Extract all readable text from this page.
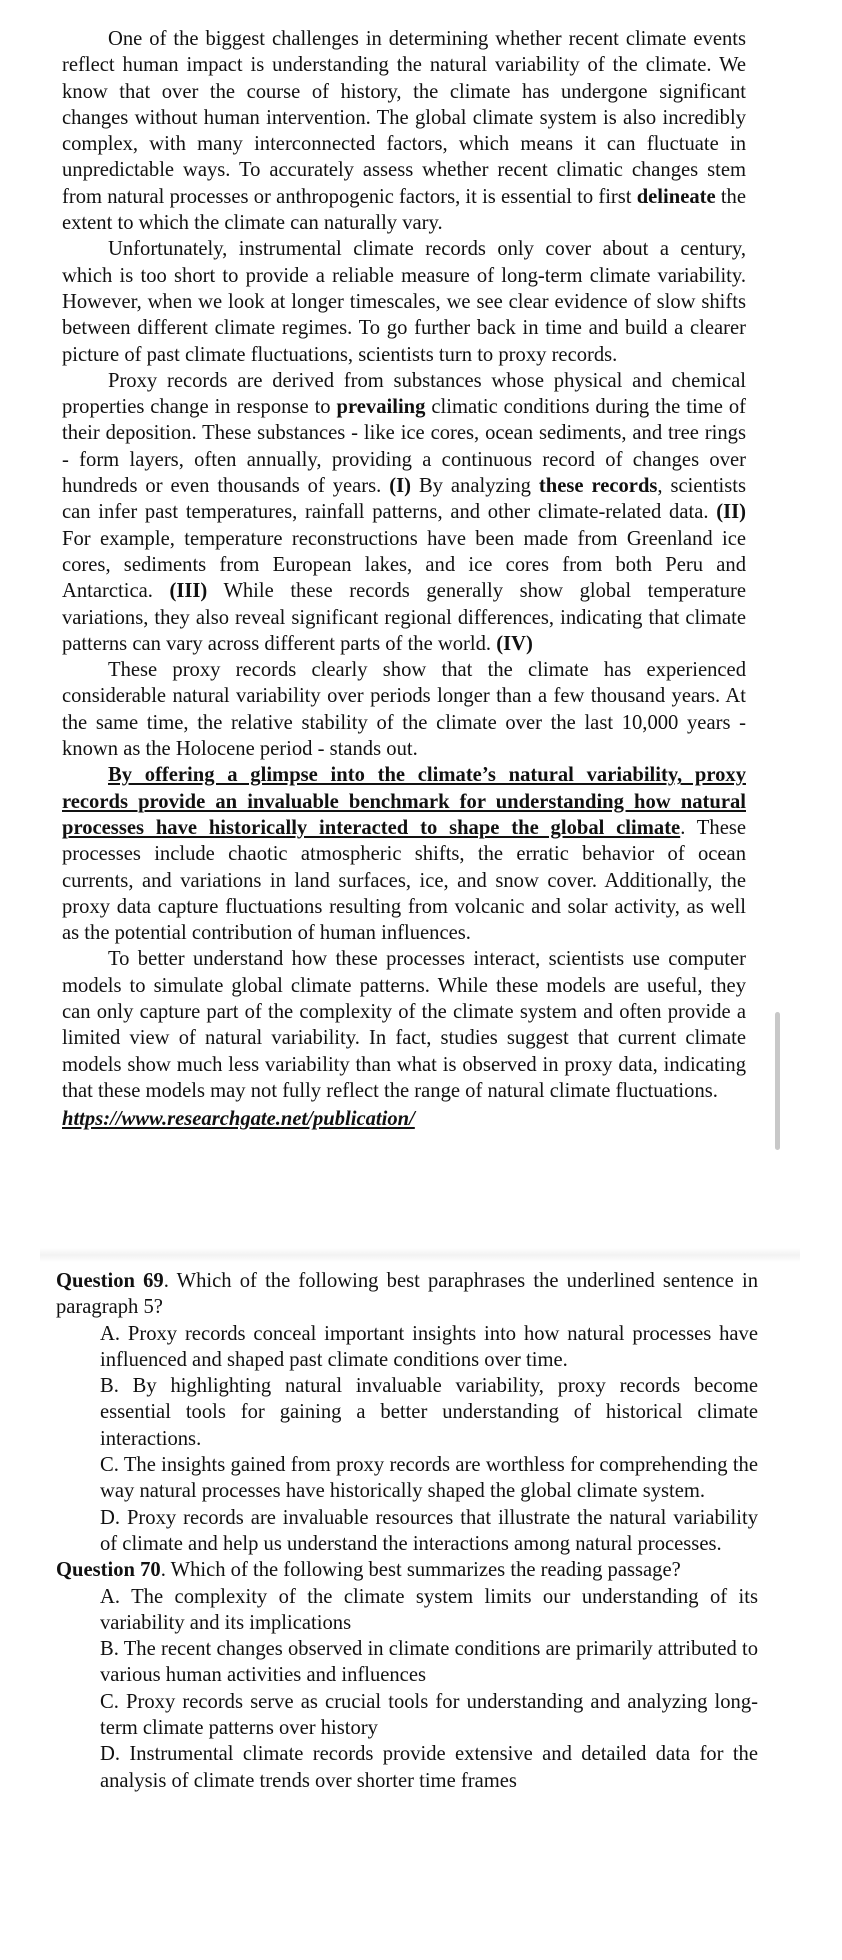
One of the biggest challenges in determining whether recent climate events reflect human impact is understanding the natural variability of the climate. We know that over the course of history, the climate has undergone significant changes without human intervention. The global climate system is also incredibly complex, with many interconnected factors, which means it can fluctuate in unpredictable ways. To accurately assess whether recent climatic changes stem from natural processes or anthropogenic factors, it is essential to first delineate the extent to which the climate can naturally vary.

Unfortunately, instrumental climate records only cover about a century, which is too short to provide a reliable measure of long-term climate variability. However, when we look at longer timescales, we see clear evidence of slow shifts between different climate regimes. To go further back in time and build a clearer picture of past climate fluctuations, scientists turn to proxy records.

Proxy records are derived from substances whose physical and chemical properties change in response to prevailing climatic conditions during the time of their deposition. These substances - like ice cores, ocean sediments, and tree rings - form layers, often annually, providing a continuous record of changes over hundreds or even thousands of years. (I) By analyzing these records, scientists can infer past temperatures, rainfall patterns, and other climate-related data. (II) For example, temperature reconstructions have been made from Greenland ice cores, sediments from European lakes, and ice cores from both Peru and Antarctica. (III) While these records generally show global temperature variations, they also reveal significant regional differences, indicating that climate patterns can vary across different parts of the world. (IV)

These proxy records clearly show that the climate has experienced considerable natural variability over periods longer than a few thousand years. At the same time, the relative stability of the climate over the last 10,000 years - known as the Holocene period - stands out.

By offering a glimpse into the climate’s natural variability, proxy records provide an invaluable benchmark for understanding how natural processes have historically interacted to shape the global climate. These processes include chaotic atmospheric shifts, the erratic behavior of ocean currents, and variations in land surfaces, ice, and snow cover. Additionally, the proxy data capture fluctuations resulting from volcanic and solar activity, as well as the potential contribution of human influences.

To better understand how these processes interact, scientists use computer models to simulate global climate patterns. While these models are useful, they can only capture part of the complexity of the climate system and often provide a limited view of natural variability. In fact, studies suggest that current climate models show much less variability than what is observed in proxy data, indicating that these models may not fully reflect the range of natural climate fluctuations.

https://www.researchgate.net/publication/

Question 69. Which of the following best paraphrases the underlined sentence in paragraph 5?

A. Proxy records conceal important insights into how natural processes have influenced and shaped past climate conditions over time.

B. By highlighting natural invaluable variability, proxy records become essential tools for gaining a better understanding of historical climate interactions.

C. The insights gained from proxy records are worthless for comprehending the way natural processes have historically shaped the global climate system.

D. Proxy records are invaluable resources that illustrate the natural variability of climate and help us understand the interactions among natural processes.

Question 70. Which of the following best summarizes the reading passage?

A. The complexity of the climate system limits our understanding of its variability and its implications

B. The recent changes observed in climate conditions are primarily attributed to various human activities and influences

C. Proxy records serve as crucial tools for understanding and analyzing long-term climate patterns over history

D. Instrumental climate records provide extensive and detailed data for the analysis of climate trends over shorter time frames
